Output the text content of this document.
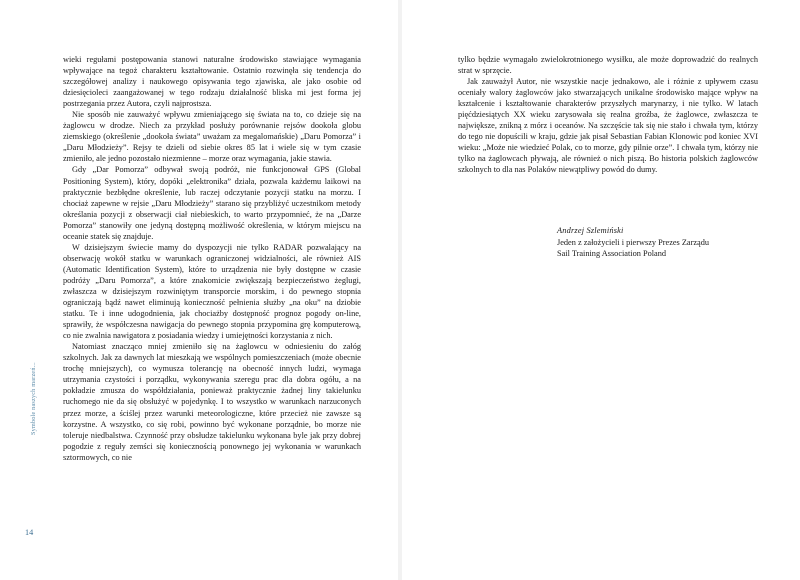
wieki regułami postępowania stanowi naturalne środowisko stawiające wymagania wpływające na tegoż charakteru kształtowanie. Ostatnio rozwinęła się tendencja do szczegółowej analizy i naukowego opisywania tego zjawiska, ale jako osobie od dziesięcioleci zaangażowanej w tego rodzaju działalność bliska mi jest forma jej postrzegania przez Autora, czyli najprostsza.

Nie sposób nie zauważyć wpływu zmieniającego się świata na to, co dzieje się na żaglowcu w drodze. Niech za przykład posłuży porównanie rejsów dookoła globu ziemskiego (określenie „dookoła świata” uważam za megalomańskie) „Daru Pomorza” i „Daru Młodzieży”. Rejsy te dzieli od siebie okres 85 lat i wiele się w tym czasie zmieniło, ale jedno pozostało niezmienne – morze oraz wymagania, jakie stawia.

Gdy „Dar Pomorza” odbywał swoją podróż, nie funkcjonował GPS (Global Positioning System), który, dopóki „elektronika” działa, pozwala każdemu laikowi na praktycznie bezbłędne określenie, lub raczej odczytanie pozycji statku na morzu. I chociaż zapewne w rejsie „Daru Młodzieży” starano się przybliżyć uczestnikom metody określania pozycji z obserwacji ciał niebieskich, to warto przypomnieć, że na „Darze Pomorza” stanowiły one jedyną dostępną możliwość określenia, w którym miejscu na oceanie statek się znajduje.

W dzisiejszym świecie mamy do dyspozycji nie tylko RADAR pozwalający na obserwację wokół statku w warunkach ograniczonej widzialności, ale również AIS (Automatic Identification System), które to urządzenia nie były dostępne w czasie podróży „Daru Pomorza”, a które znakomicie zwiększają bezpieczeństwo żeglugi, zwłaszcza w dzisiejszym rozwiniętym transporcie morskim, i do pewnego stopnia ograniczają bądź nawet eliminują konieczność pełnienia służby „na oku” na dziobie statku. Te i inne udogodnienia, jak chociażby dostępność prognoz pogody on-line, sprawiły, że współczesna nawigacja do pewnego stopnia przypomina grę komputerową, co nie zwalnia nawigatora z posiadania wiedzy i umiejętności korzystania z nich.

Natomiast znacząco mniej zmieniło się na żaglowcu w odniesieniu do załóg szkolnych. Jak za dawnych lat mieszkają we wspólnych pomieszczeniach (może obecnie trochę mniejszych), co wymusza tolerancję na obecność innych ludzi, wymaga utrzymania czystości i porządku, wykonywania szeregu prac dla dobra ogółu, a na pokładzie zmusza do współdziałania, ponieważ praktycznie żadnej liny takielunku ruchomego nie da się obsłużyć w pojedynkę. I to wszystko w warunkach narzuconych przez morze, a ściślej przez warunki meteorologiczne, które przecież nie zawsze są korzystne. A wszystko, co się robi, powinno być wykonane porządnie, bo morze nie toleruje niedbalstwa. Czynność przy obsłudze takielunku wykonana byle jak przy dobrej pogodzie z reguły zemści się koniecznością ponownego jej wykonania w warunkach sztormowych, co nie

Symbole naszych marzeń...
14

tylko będzie wymagało zwielokrotnionego wysiłku, ale może doprowadzić do realnych strat w sprzęcie.

Jak zauważył Autor, nie wszystkie nacje jednakowo, ale i różnie z upływem czasu oceniały walory żaglowców jako stwarzających unikalne środowisko mające wpływ na kształcenie i kształtowanie charakterów przyszłych marynarzy, i nie tylko. W latach pięćdziesiątych XX wieku zarysowała się realna groźba, że żaglowce, zwłaszcza te największe, znikną z mórz i oceanów. Na szczęście tak się nie stało i chwała tym, którzy do tego nie dopuścili w kraju, gdzie jak pisał Sebastian Fabian Klonowic pod koniec XVI wieku: „Może nie wiedzieć Polak, co to morze, gdy pilnie orze”. I chwała tym, którzy nie tylko na żaglowcach pływają, ale również o nich piszą. Bo historia polskich żaglowców szkolnych to dla nas Polaków niewątpliwy powód do dumy.

Andrzej Szlemiński
Jeden z założycieli i pierwszy Prezes Zarządu
Sail Training Association Poland
